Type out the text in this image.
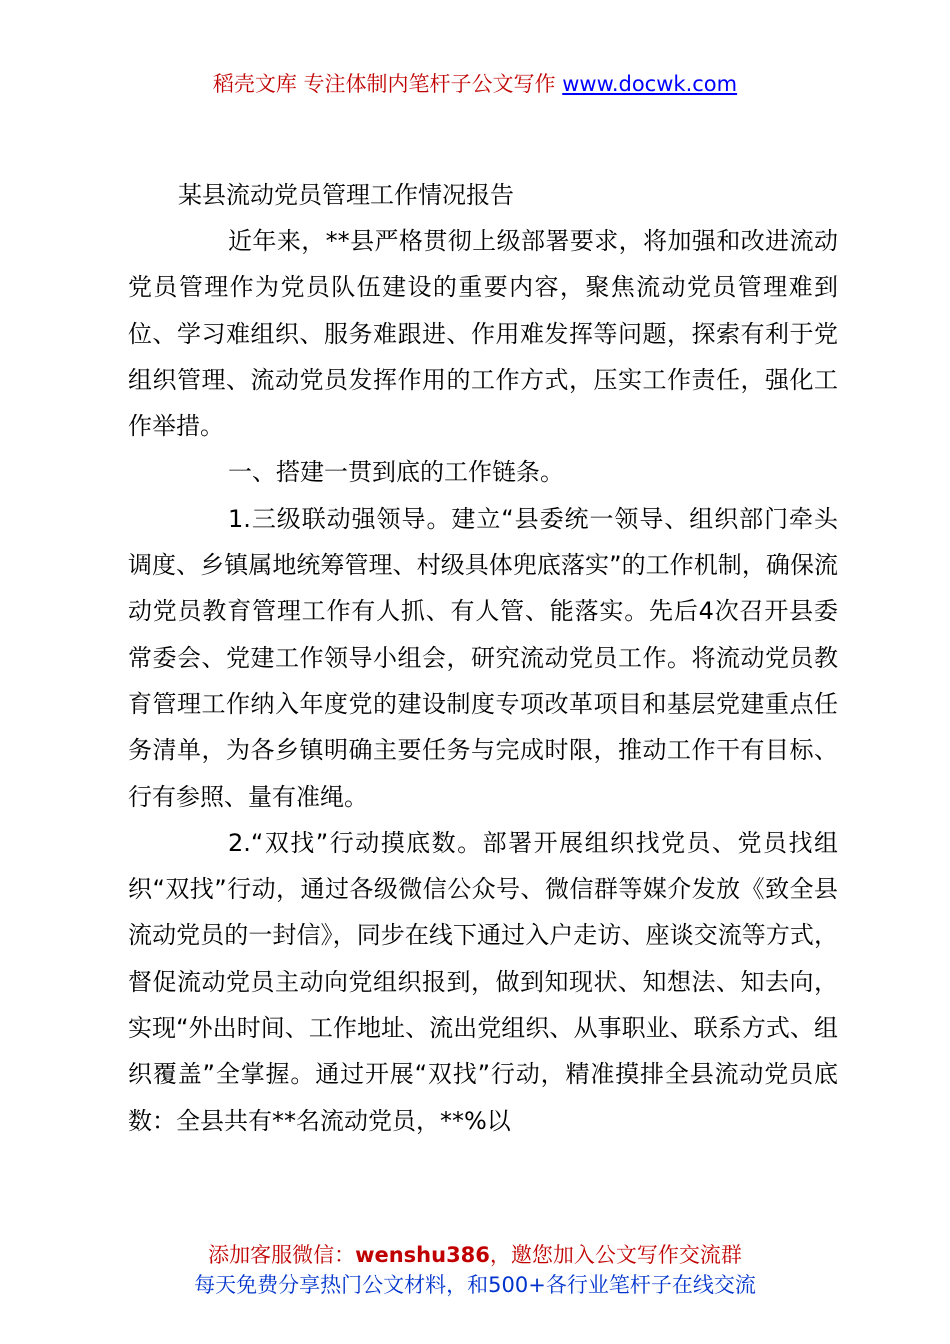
稻壳文库 专注体制内笔杆子公文写作 www.docwk.com

某县流动党员管理工作情况报告

近年来，**县严格贯彻上级部署要求，将加强和改进流动党员管理作为党员队伍建设的重要内容，聚焦流动党员管理难到位、学习难组织、服务难跟进、作用难发挥等问题，探索有利于党组织管理、流动党员发挥作用的工作方式，压实工作责任，强化工作举措。

一、搭建一贯到底的工作链条。

1.三级联动强领导。建立“县委统一领导、组织部门牵头调度、乡镇属地统筹管理、村级具体兜底落实”的工作机制，确保流动党员教育管理工作有人抓、有人管、能落实。先后4次召开县委常委会、党建工作领导小组会，研究流动党员工作。将流动党员教育管理工作纳入年度党的建设制度专项改革项目和基层党建重点任务清单，为各乡镇明确主要任务与完成时限，推动工作干有目标、行有参照、量有准绳。

2.“双找”行动摸底数。部署开展组织找党员、党员找组织“双找”行动，通过各级微信公众号、微信群等媒介发放《致全县流动党员的一封信》，同步在线下通过入户走访、座谈交流等方式，督促流动党员主动向党组织报到，做到知现状、知想法、知去向，实现“外出时间、工作地址、流出党组织、从事职业、联系方式、组织覆盖”全掌握。通过开展“双找”行动，精准摸排全县流动党员底数：全县共有**名流动党员，**%以

添加客服微信：wenshu386，邀您加入公文写作交流群
每天免费分享热门公文材料，和500+各行业笔杆子在线交流
